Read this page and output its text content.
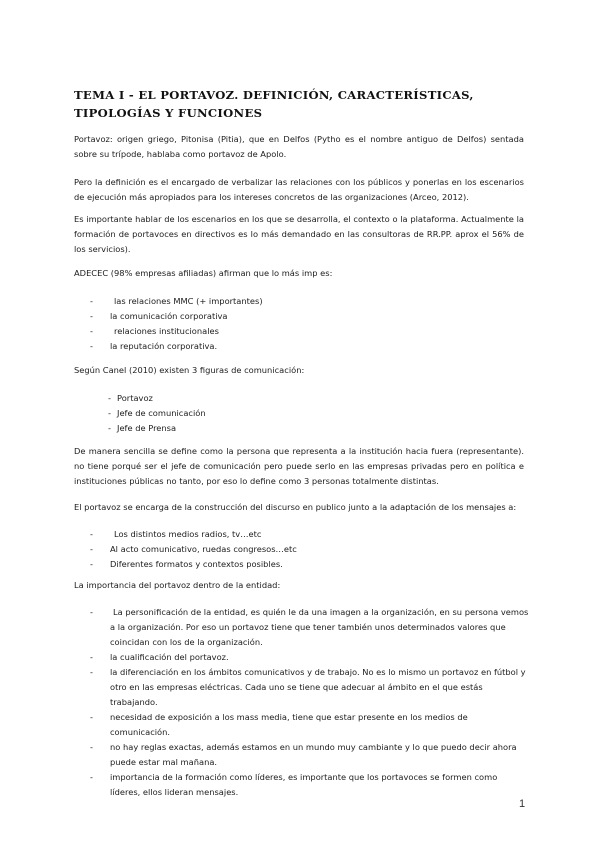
TEMA I - EL PORTAVOZ. DEFINICIÓN, CARACTERÍSTICAS, TIPOLOGÍAS Y FUNCIONES

Portavoz: origen griego, Pitonisa (Pitia), que en Delfos (Pytho es el nombre antiguo de Delfos) sentada sobre su trípode, hablaba como portavoz de Apolo.

Pero la definición es el encargado de verbalizar las relaciones con los públicos y ponerlas en los escenarios de ejecución más apropiados para los intereses concretos de las organizaciones (Arceo, 2012).

Es importante hablar de los escenarios en los que se desarrolla, el contexto o la plataforma. Actualmente la formación de portavoces en directivos es lo más demandado en las consultoras de RR.PP. aprox el 56% de los servicios).

ADECEC (98% empresas afiliadas) afirman que lo más imp es:

-	las relaciones MMC (+ importantes)
- la comunicación corporativa
-	relaciones institucionales
- la reputación corporativa.

Según Canel (2010) existen 3 figuras de comunicación:

- Portavoz
- Jefe de comunicación
- Jefe de Prensa

De manera sencilla se define como la persona que representa a la institución hacia fuera (representante). no tiene porqué ser el jefe de comunicación pero puede serlo en las empresas privadas pero en política e instituciones públicas no tanto, por eso lo define como 3 personas totalmente distintas.

El portavoz se encarga de la construcción del discurso en publico junto a la adaptación de los mensajes a:

-	Los distintos medios radios, tv…etc
- Al acto comunicativo, ruedas congresos…etc
- Diferentes formatos y contextos posibles.

La importancia del portavoz dentro de la entidad:

- La personificación de la entidad, es quién le da una imagen a la organización, en su persona vemos a la organización. Por eso un portavoz tiene que tener también unos determinados valores que coincidan con los de la organización.
- la cualificación del portavoz.
- la diferenciación en los ámbitos comunicativos y de trabajo. No es lo mismo un portavoz en fútbol y otro en las empresas eléctricas. Cada uno se tiene que adecuar al ámbito en el que estás trabajando.
- necesidad de exposición a los mass media, tiene que estar presente en los medios de comunicación.
- no hay reglas exactas, además estamos en un mundo muy cambiante y lo que puedo decir ahora puede estar mal mañana.
- importancia de la formación como líderes, es importante que los portavoces se formen como líderes, ellos lideran mensajes.
1
